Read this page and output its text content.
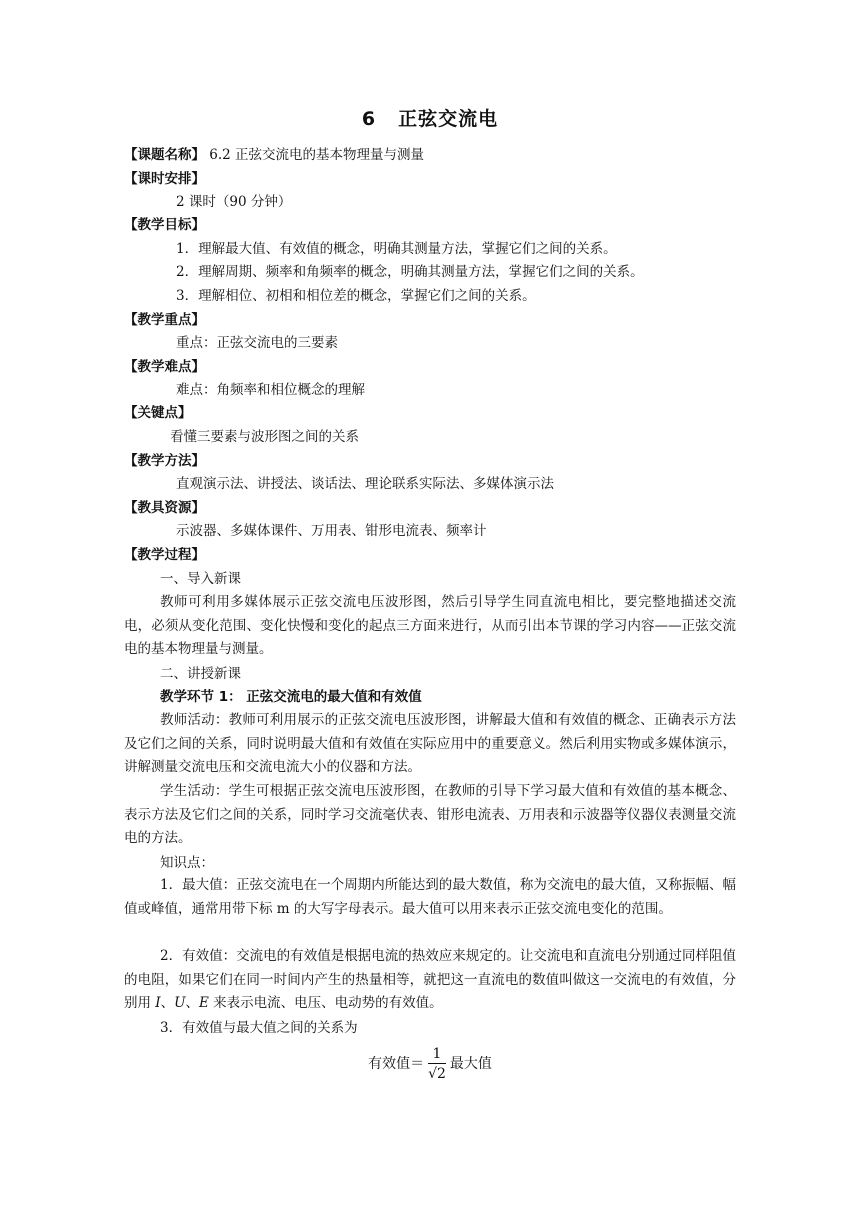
6 正弦交流电
【课题名称】 6.2 正弦交流电的基本物理量与测量
【课时安排】
2 课时（90 分钟）
【教学目标】
1．理解最大值、有效值的概念，明确其测量方法，掌握它们之间的关系。
2．理解周期、频率和角频率的概念，明确其测量方法，掌握它们之间的关系。
3．理解相位、初相和相位差的概念，掌握它们之间的关系。
【教学重点】
重点：正弦交流电的三要素
【教学难点】
难点：角频率和相位概念的理解
【关键点】
看懂三要素与波形图之间的关系
【教学方法】
直观演示法、讲授法、谈话法、理论联系实际法、多媒体演示法
【教具资源】
示波器、多媒体课件、万用表、钳形电流表、频率计
【教学过程】
一、导入新课
教师可利用多媒体展示正弦交流电压波形图，然后引导学生同直流电相比，要完整地描述交流电，必须从变化范围、变化快慢和变化的起点三方面来进行，从而引出本节课的学习内容——正弦交流电的基本物理量与测量。
二、讲授新课
教学环节 1： 正弦交流电的最大值和有效值
教师活动：教师可利用展示的正弦交流电压波形图，讲解最大值和有效值的概念、正确表示方法及它们之间的关系，同时说明最大值和有效值在实际应用中的重要意义。然后利用实物或多媒体演示，讲解测量交流电压和交流电流大小的仪器和方法。
学生活动：学生可根据正弦交流电压波形图，在教师的引导下学习最大值和有效值的基本概念、表示方法及它们之间的关系，同时学习交流毫伏表、钳形电流表、万用表和示波器等仪器仪表测量交流电的方法。
知识点：
1．最大值：正弦交流电在一个周期内所能达到的最大数值，称为交流电的最大值，又称振幅、幅值或峰值，通常用带下标 m 的大写字母表示。最大值可以用来表示正弦交流电变化的范围。
2．有效值：交流电的有效值是根据电流的热效应来规定的。让交流电和直流电分别通过同样阻值的电阻，如果它们在同一时间内产生的热量相等，就把这一直流电的数值叫做这一交流电的有效值，分别用 I、U、E 来表示电流、电压、电动势的有效值。
3．有效值与最大值之间的关系为
有效值＝ $\frac{1}{√2}$ 最大值
